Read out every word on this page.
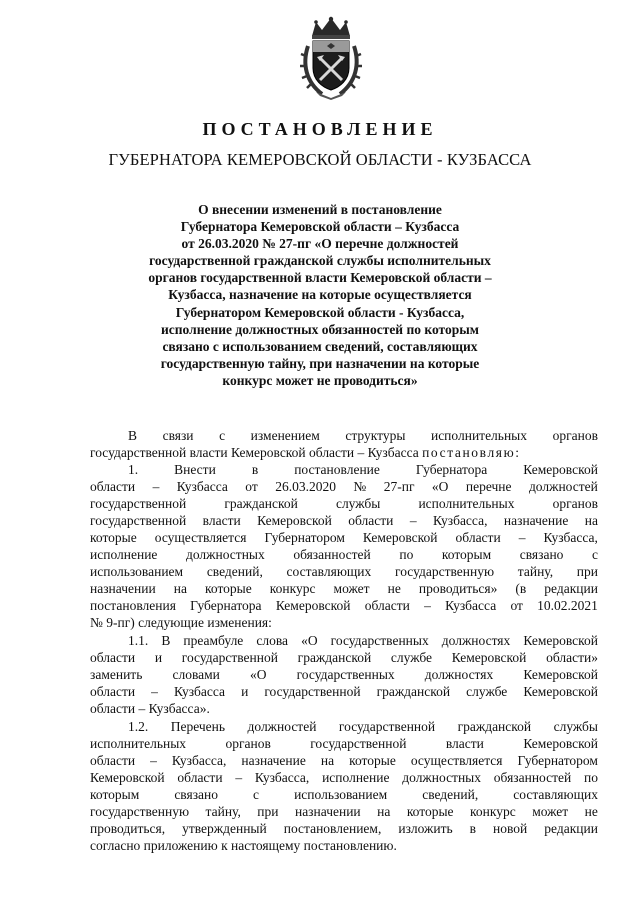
ПОСТАНОВЛЕНИЕ
ГУБЕРНАТОРА КЕМЕРОВСКОЙ ОБЛАСТИ - КУЗБАССА
О внесении изменений в постановление
Губернатора Кемеровской области – Кузбасса
от 26.03.2020 № 27-пг «О перечне должностей
государственной гражданской службы исполнительных
органов государственной власти Кемеровской области –
Кузбасса, назначение на которые осуществляется
Губернатором Кемеровской области - Кузбасса,
исполнение должностных обязанностей по которым
связано с использованием сведений, составляющих
государственную тайну, при назначении на которые
конкурс может не проводиться»
В связи с изменением структуры исполнительных органов
государственной власти Кемеровской области – Кузбасса постановляю:
1.	Внести	в	постановление	Губернатора	Кемеровской
области – Кузбасса от 26.03.2020 № 27-пг «О перечне должностей
государственной	гражданской	службы	исполнительных	органов
государственной власти Кемеровской области – Кузбасса, назначение на
которые осуществляется Губернатором Кемеровской области – Кузбасса,
исполнение должностных обязанностей по которым связано с
использованием сведений, составляющих государственную тайну, при
назначении на которые конкурс может не проводиться» (в редакции
постановления Губернатора Кемеровской области – Кузбасса от 10.02.2021
№ 9-пг) следующие изменения:
1.1. В преамбуле слова «О государственных должностях Кемеровской
области и государственной гражданской службе Кемеровской области»
заменить словами «О государственных должностях Кемеровской
области – Кузбасса и государственной гражданской службе Кемеровской
области – Кузбасса».
1.2. Перечень должностей государственной гражданской службы
исполнительных	органов	государственной	власти	Кемеровской
области – Кузбасса, назначение на которые осуществляется Губернатором
Кемеровской области – Кузбасса, исполнение должностных обязанностей по
которым	связано	с	использованием	сведений,	составляющих
государственную тайну, при назначении на которые конкурс может не
проводиться, утвержденный постановлением, изложить в новой редакции
согласно приложению к настоящему постановлению.
